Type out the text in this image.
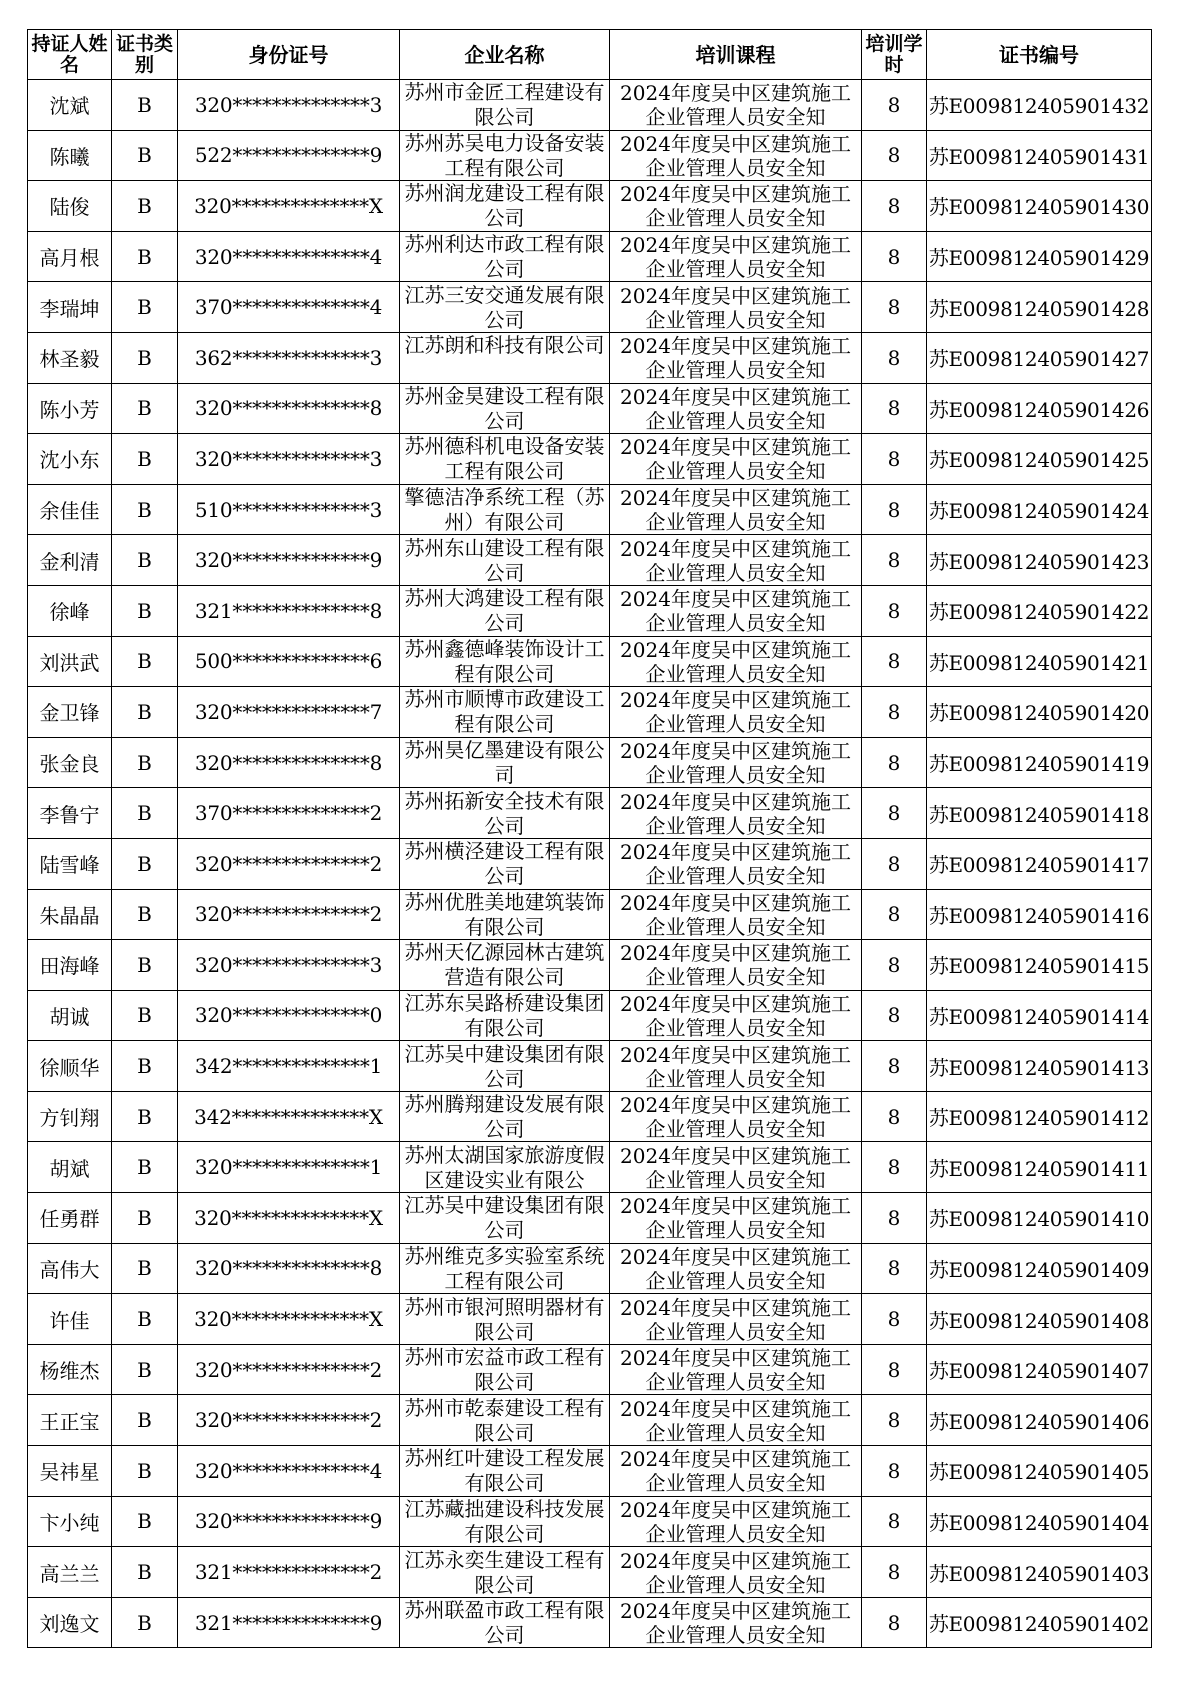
持证人姓名	证书类别	身份证号	企业名称	培训课程	培训学时	证书编号
沈斌	B	320**************3	苏州市金匠工程建设有限公司	2024年度吴中区建筑施工企业管理人员安全知	8	苏E009812405901432
陈曦	B	522**************9	苏州苏吴电力设备安装工程有限公司	2024年度吴中区建筑施工企业管理人员安全知	8	苏E009812405901431
陆俊	B	320**************X	苏州润龙建设工程有限公司	2024年度吴中区建筑施工企业管理人员安全知	8	苏E009812405901430
高月根	B	320**************4	苏州利达市政工程有限公司	2024年度吴中区建筑施工企业管理人员安全知	8	苏E009812405901429
李瑞坤	B	370**************4	江苏三安交通发展有限公司	2024年度吴中区建筑施工企业管理人员安全知	8	苏E009812405901428
林圣毅	B	362**************3	江苏朗和科技有限公司	2024年度吴中区建筑施工企业管理人员安全知	8	苏E009812405901427
陈小芳	B	320**************8	苏州金昊建设工程有限公司	2024年度吴中区建筑施工企业管理人员安全知	8	苏E009812405901426
沈小东	B	320**************3	苏州德科机电设备安装工程有限公司	2024年度吴中区建筑施工企业管理人员安全知	8	苏E009812405901425
余佳佳	B	510**************3	擎德洁净系统工程（苏州）有限公司	2024年度吴中区建筑施工企业管理人员安全知	8	苏E009812405901424
金利清	B	320**************9	苏州东山建设工程有限公司	2024年度吴中区建筑施工企业管理人员安全知	8	苏E009812405901423
徐峰	B	321**************8	苏州大鸿建设工程有限公司	2024年度吴中区建筑施工企业管理人员安全知	8	苏E009812405901422
刘洪武	B	500**************6	苏州鑫德峰装饰设计工程有限公司	2024年度吴中区建筑施工企业管理人员安全知	8	苏E009812405901421
金卫锋	B	320**************7	苏州市顺博市政建设工程有限公司	2024年度吴中区建筑施工企业管理人员安全知	8	苏E009812405901420
张金良	B	320**************8	苏州昊亿墨建设有限公司	2024年度吴中区建筑施工企业管理人员安全知	8	苏E009812405901419
李鲁宁	B	370**************2	苏州拓新安全技术有限公司	2024年度吴中区建筑施工企业管理人员安全知	8	苏E009812405901418
陆雪峰	B	320**************2	苏州横泾建设工程有限公司	2024年度吴中区建筑施工企业管理人员安全知	8	苏E009812405901417
朱晶晶	B	320**************2	苏州优胜美地建筑装饰有限公司	2024年度吴中区建筑施工企业管理人员安全知	8	苏E009812405901416
田海峰	B	320**************3	苏州天亿源园林古建筑营造有限公司	2024年度吴中区建筑施工企业管理人员安全知	8	苏E009812405901415
胡诚	B	320**************0	江苏东吴路桥建设集团有限公司	2024年度吴中区建筑施工企业管理人员安全知	8	苏E009812405901414
徐顺华	B	342**************1	江苏吴中建设集团有限公司	2024年度吴中区建筑施工企业管理人员安全知	8	苏E009812405901413
方钊翔	B	342**************X	苏州腾翔建设发展有限公司	2024年度吴中区建筑施工企业管理人员安全知	8	苏E009812405901412
胡斌	B	320**************1	苏州太湖国家旅游度假区建设实业有限公	2024年度吴中区建筑施工企业管理人员安全知	8	苏E009812405901411
任勇群	B	320**************X	江苏吴中建设集团有限公司	2024年度吴中区建筑施工企业管理人员安全知	8	苏E009812405901410
高伟大	B	320**************8	苏州维克多实验室系统工程有限公司	2024年度吴中区建筑施工企业管理人员安全知	8	苏E009812405901409
许佳	B	320**************X	苏州市银河照明器材有限公司	2024年度吴中区建筑施工企业管理人员安全知	8	苏E009812405901408
杨维杰	B	320**************2	苏州市宏益市政工程有限公司	2024年度吴中区建筑施工企业管理人员安全知	8	苏E009812405901407
王正宝	B	320**************2	苏州市乾泰建设工程有限公司	2024年度吴中区建筑施工企业管理人员安全知	8	苏E009812405901406
吴祎星	B	320**************4	苏州红叶建设工程发展有限公司	2024年度吴中区建筑施工企业管理人员安全知	8	苏E009812405901405
卞小纯	B	320**************9	江苏藏拙建设科技发展有限公司	2024年度吴中区建筑施工企业管理人员安全知	8	苏E009812405901404
高兰兰	B	321**************2	江苏永奕生建设工程有限公司	2024年度吴中区建筑施工企业管理人员安全知	8	苏E009812405901403
刘逸文	B	321**************9	苏州联盈市政工程有限公司	2024年度吴中区建筑施工企业管理人员安全知	8	苏E009812405901402
